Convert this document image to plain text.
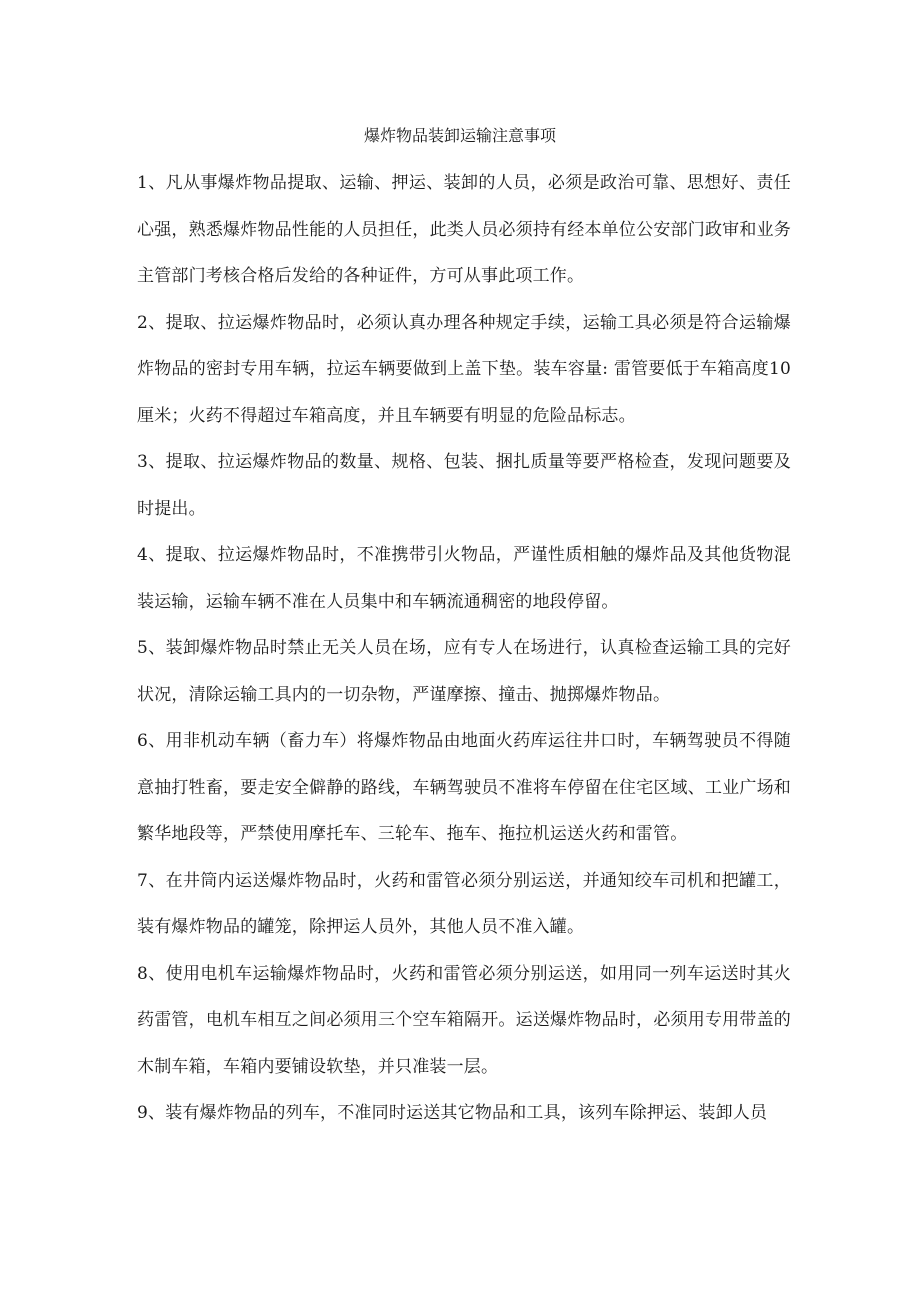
爆炸物品装卸运输注意事项

1、凡从事爆炸物品提取、运输、押运、装卸的人员，必须是政治可靠、思想好、责任心强，熟悉爆炸物品性能的人员担任，此类人员必须持有经本单位公安部门政审和业务主管部门考核合格后发给的各种证件，方可从事此项工作。

2、提取、拉运爆炸物品时，必须认真办理各种规定手续，运输工具必须是符合运输爆炸物品的密封专用车辆，拉运车辆要做到上盖下垫。装车容量: 雷管要低于车箱高度10厘米；火药不得超过车箱高度，并且车辆要有明显的危险品标志。

3、提取、拉运爆炸物品的数量、规格、包装、捆扎质量等要严格检查，发现问题要及时提出。

4、提取、拉运爆炸物品时，不准携带引火物品，严谨性质相触的爆炸品及其他货物混装运输，运输车辆不准在人员集中和车辆流通稠密的地段停留。

5、装卸爆炸物品时禁止无关人员在场，应有专人在场进行，认真检查运输工具的完好状况，清除运输工具内的一切杂物，严谨摩擦、撞击、抛掷爆炸物品。

6、用非机动车辆（畜力车）将爆炸物品由地面火药库运往井口时，车辆驾驶员不得随意抽打牲畜，要走安全僻静的路线，车辆驾驶员不准将车停留在住宅区域、工业广场和繁华地段等，严禁使用摩托车、三轮车、拖车、拖拉机运送火药和雷管。

7、在井筒内运送爆炸物品时，火药和雷管必须分别运送，并通知绞车司机和把罐工，装有爆炸物品的罐笼，除押运人员外，其他人员不准入罐。

8、使用电机车运输爆炸物品时，火药和雷管必须分别运送，如用同一列车运送时其火药雷管，电机车相互之间必须用三个空车箱隔开。运送爆炸物品时，必须用专用带盖的木制车箱，车箱内要铺设软垫，并只准装一层。

9、装有爆炸物品的列车，不准同时运送其它物品和工具，该列车除押运、装卸人员
